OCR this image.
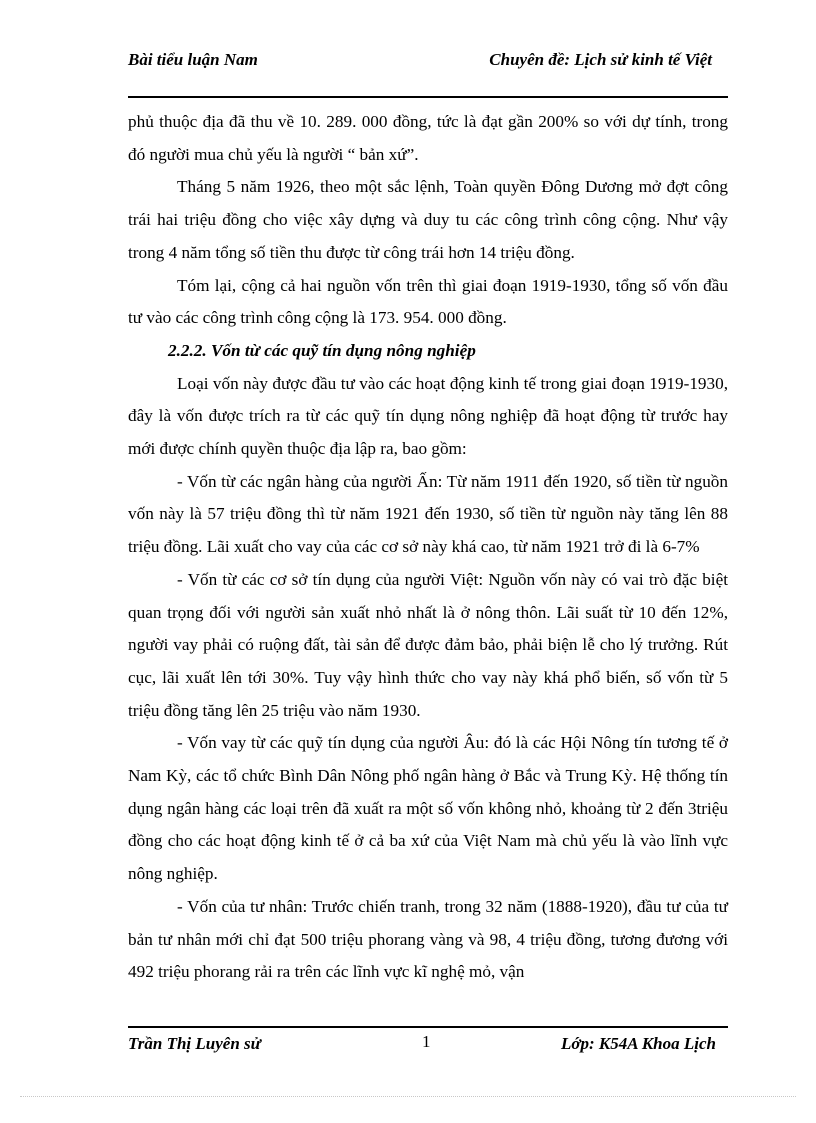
Bài tiểu luận Nam	Chuyên đề: Lịch sử kinh tế Việt

phủ thuộc địa đã thu về 10. 289. 000 đồng, tức là đạt gần 200% so với dự tính, trong đó người mua chủ yếu là người “ bản xứ”.

Tháng 5 năm 1926, theo một sắc lệnh, Toàn quyền Đông Dương mở đợt công trái hai triệu đồng cho việc xây dựng và duy tu các công trình công cộng. Như vậy trong 4 năm tổng số tiền thu được từ công trái hơn 14 triệu đồng.

Tóm lại, cộng cả hai nguồn vốn trên thì giai đoạn 1919-1930, tổng số vốn đầu tư vào các công trình công cộng là 173. 954. 000 đồng.

2.2.2. Vốn từ các quỹ tín dụng nông nghiệp

Loại vốn này được đầu tư vào các hoạt động kinh tế trong giai đoạn 1919-1930, đây là vốn được trích ra từ các quỹ tín dụng nông nghiệp đã hoạt động từ trước hay mới được chính quyền thuộc địa lập ra, bao gồm:

- Vốn từ các ngân hàng của người Ấn: Từ năm 1911 đến 1920, số tiền từ nguồn vốn này là 57 triệu đồng thì từ năm 1921 đến 1930, số tiền từ nguồn này tăng lên 88 triệu đồng. Lãi xuất cho vay của các cơ sở này khá cao, từ năm 1921 trở đi là 6-7%

- Vốn từ các cơ sở tín dụng của người Việt: Nguồn vốn này có vai trò đặc biệt quan trọng đối với người sản xuất nhỏ nhất là ở nông thôn. Lãi suất từ 10 đến 12%, người vay phải có ruộng đất, tài sản để được đảm bảo, phải biện lễ cho lý trưởng. Rút cục, lãi xuất lên tới 30%. Tuy vậy hình thức cho vay này khá phổ biến, số vốn từ 5 triệu đồng tăng lên 25 triệu vào năm 1930.

- Vốn vay từ các quỹ tín dụng của người Âu: đó là các Hội Nông tín tương tế ở Nam Kỳ, các tổ chức Bình Dân Nông phố ngân hàng ở Bắc và Trung Kỳ. Hệ thống tín dụng ngân hàng các loại trên đã xuất ra một số vốn không nhỏ, khoảng từ 2 đến 3triệu đồng cho các hoạt động kinh tế ở cả ba xứ của Việt Nam mà chủ yếu là vào lĩnh vực nông nghiệp.

- Vốn của tư nhân: Trước chiến tranh, trong 32 năm (1888-1920), đầu tư của tư bản tư nhân mới chỉ đạt 500 triệu phorang vàng và 98, 4 triệu đồng, tương đương với 492 triệu phorang rải ra trên các lĩnh vực kĩ nghệ mỏ, vận

Trần Thị Luyên sử	1	Lớp: K54A Khoa Lịch
